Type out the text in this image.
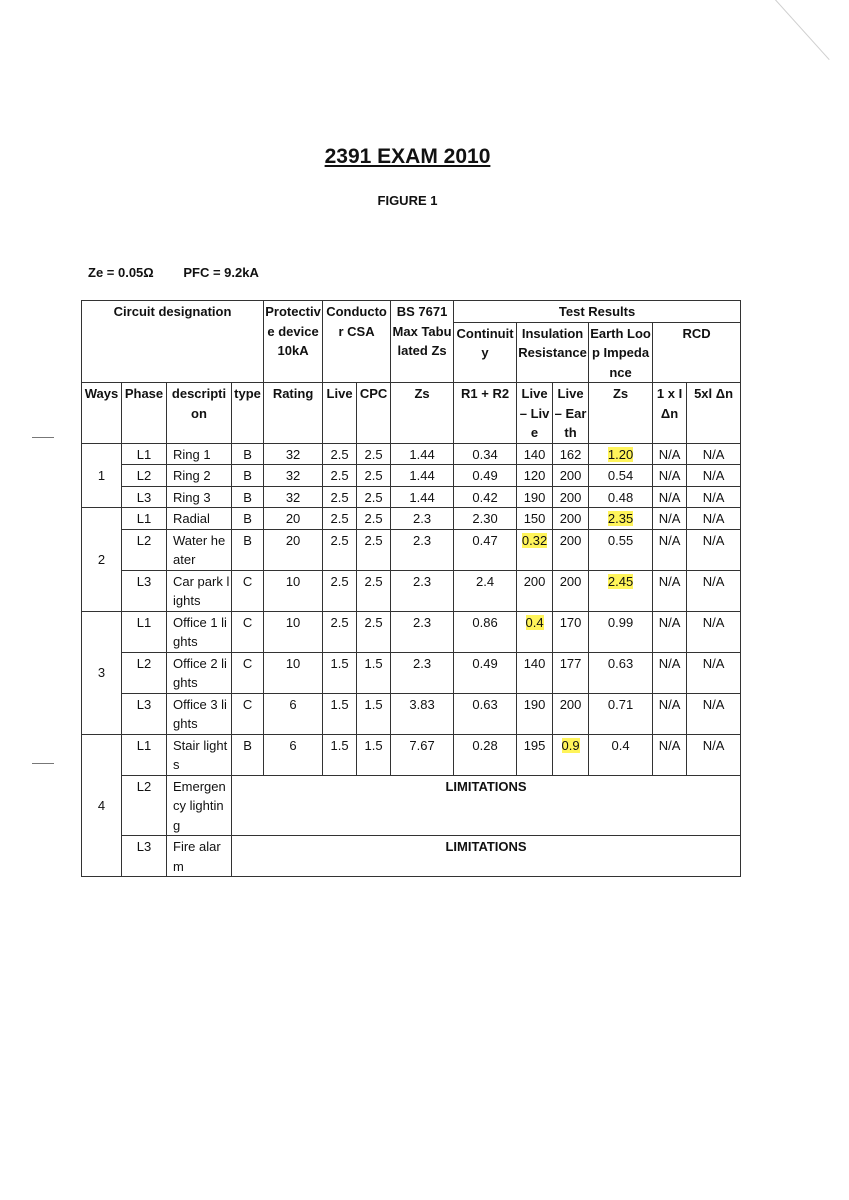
2391 EXAM 2010
FIGURE 1
Ze = 0.05Ω PFC = 9.2kA
Circuit designation				Protective device 10kA	Conductor CSA		BS 7671 Max Tabulated Zs	Test Results					
								Continuity	Insulation Resistance		Earth Loop Impedance	RCD	
Ways	Phase	description	type	Rating	Live	CPC	Zs	R1 + R2	Live – Live	Live – Earth	Zs	1 x IΔn	5xl Δn
1	L1	Ring 1	B	32	2.5	2.5	1.44	0.34	140	162	1.20	N/A	N/A
	L2	Ring 2	B	32	2.5	2.5	1.44	0.49	120	200	0.54	N/A	N/A
	L3	Ring 3	B	32	2.5	2.5	1.44	0.42	190	200	0.48	N/A	N/A
2	L1	Radial	B	20	2.5	2.5	2.3	2.30	150	200	2.35	N/A	N/A
	L2	Water heater	B	20	2.5	2.5	2.3	0.47	0.32	200	0.55	N/A	N/A
	L3	Car park lights	C	10	2.5	2.5	2.3	2.4	200	200	2.45	N/A	N/A
3	L1	Office 1 lights	C	10	2.5	2.5	2.3	0.86	0.4	170	0.99	N/A	N/A
	L2	Office 2 lights	C	10	1.5	1.5	2.3	0.49	140	177	0.63	N/A	N/A
	L3	Office 3 lights	C	6	1.5	1.5	3.83	0.63	190	200	0.71	N/A	N/A
4	L1	Stair lights	B	6	1.5	1.5	7.67	0.28	195	0.9	0.4	N/A	N/A
	L2	Emergency lighting	LIMITATIONS										
	L3	Fire alarm	LIMITATIONS										
